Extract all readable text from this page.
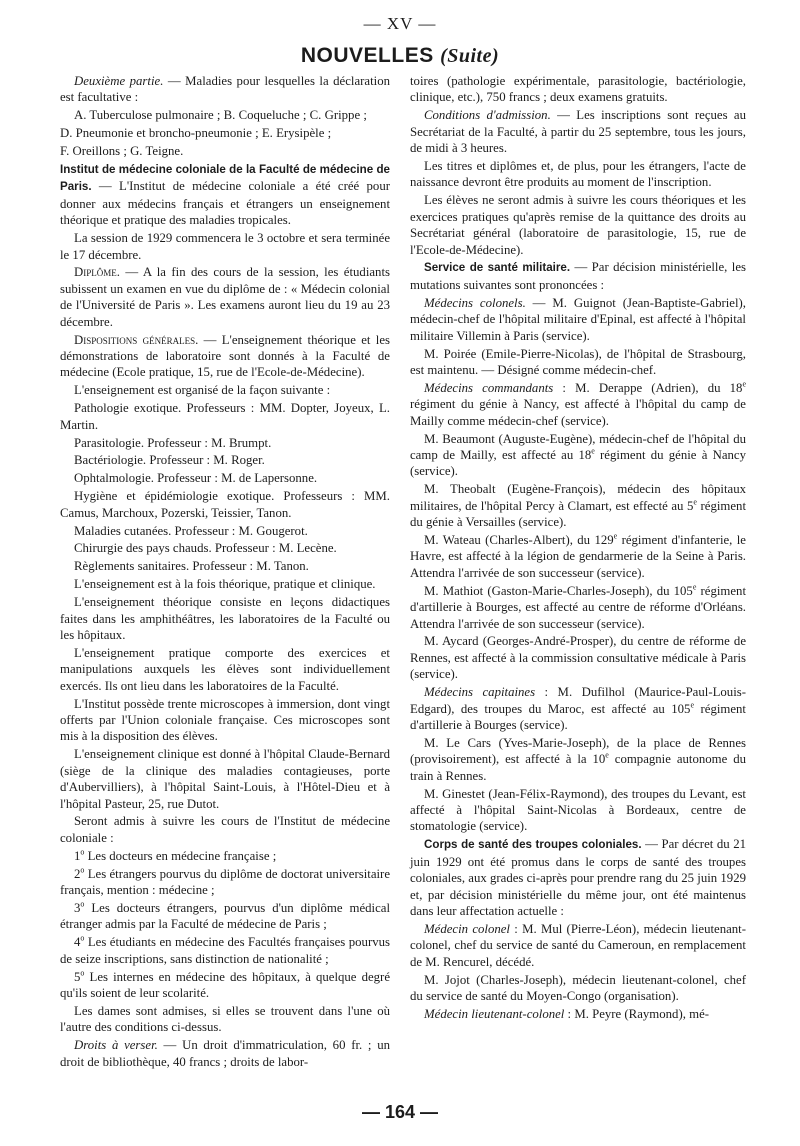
— XV —
NOUVELLES (Suite)

Deuxième partie. — Maladies pour lesquelles la déclaration est facultative :

A. Tuberculose pulmonaire ; B. Coqueluche ; C. Grippe ;

D. Pneumonie et broncho-pneumonie ; E. Erysipèle ;

F. Oreillons ; G. Teigne.

Institut de médecine coloniale de la Faculté de médecine de Paris. — L'Institut de médecine coloniale a été créé pour donner aux médecins français et étrangers un enseignement théorique et pratique des maladies tropicales.

La session de 1929 commencera le 3 octobre et sera terminée le 17 décembre.

Diplôme. — A la fin des cours de la session, les étudiants subissent un examen en vue du diplôme de : « Médecin colonial de l'Université de Paris ». Les examens auront lieu du 19 au 23 décembre.

Dispositions générales. — L'enseignement théorique et les démonstrations de laboratoire sont donnés à la Faculté de médecine (Ecole pratique, 15, rue de l'Ecole-de-Médecine).

L'enseignement est organisé de la façon suivante :

Pathologie exotique. Professeurs : MM. Dopter, Joyeux, L. Martin.

Parasitologie. Professeur : M. Brumpt.

Bactériologie. Professeur : M. Roger.

Ophtalmologie. Professeur : M. de Lapersonne.

Hygiène et épidémiologie exotique. Professeurs : MM. Camus, Marchoux, Pozerski, Teissier, Tanon.

Maladies cutanées. Professeur : M. Gougerot.

Chirurgie des pays chauds. Professeur : M. Lecène.

Règlements sanitaires. Professeur : M. Tanon.

L'enseignement est à la fois théorique, pratique et clinique.

L'enseignement théorique consiste en leçons didactiques faites dans les amphithéâtres, les laboratoires de la Faculté ou les hôpitaux.

L'enseignement pratique comporte des exercices et manipulations auxquels les élèves sont individuellement exercés. Ils ont lieu dans les laboratoires de la Faculté.

L'Institut possède trente microscopes à immersion, dont vingt offerts par l'Union coloniale française. Ces microscopes sont mis à la disposition des élèves.

L'enseignement clinique est donné à l'hôpital Claude-Bernard (siège de la clinique des maladies contagieuses, porte d'Aubervilliers), à l'hôpital Saint-Louis, à l'Hôtel-Dieu et à l'hôpital Pasteur, 25, rue Dutot.

Seront admis à suivre les cours de l'Institut de médecine coloniale :

1$^o$ Les docteurs en médecine française ;

2$^o$ Les étrangers pourvus du diplôme de doctorat universitaire français, mention : médecine ;

3$^o$ Les docteurs étrangers, pourvus d'un diplôme médical étranger admis par la Faculté de médecine de Paris ;

4$^o$ Les étudiants en médecine des Facultés françaises pourvus de seize inscriptions, sans distinction de nationalité ;

5$^o$ Les internes en médecine des hôpitaux, à quelque degré qu'ils soient de leur scolarité.

Les dames sont admises, si elles se trouvent dans l'une où l'autre des conditions ci-dessus.

Droits à verser. — Un droit d'immatriculation, 60 fr. ; un droit de bibliothèque, 40 francs ; droits de labor-

toires (pathologie expérimentale, parasitologie, bactériologie, clinique, etc.), 750 francs ; deux examens gratuits.

Conditions d'admission. — Les inscriptions sont reçues au Secrétariat de la Faculté, à partir du 25 septembre, tous les jours, de midi à 3 heures.

Les titres et diplômes et, de plus, pour les étrangers, l'acte de naissance devront être produits au moment de l'inscription.

Les élèves ne seront admis à suivre les cours théoriques et les exercices pratiques qu'après remise de la quittance des droits au Secrétariat général (laboratoire de parasitologie, 15, rue de l'Ecole-de-Médecine).

Service de santé militaire. — Par décision ministérielle, les mutations suivantes sont prononcées :

Médecins colonels. — M. Guignot (Jean-Baptiste-Gabriel), médecin-chef de l'hôpital militaire d'Epinal, est affecté à l'hôpital militaire Villemin à Paris (service).

M. Poirée (Emile-Pierre-Nicolas), de l'hôpital de Strasbourg, est maintenu. — Désigné comme médecin-chef.

Médecins commandants : M. Derappe (Adrien), du 18e régiment du génie à Nancy, est affecté à l'hôpital du camp de Mailly comme médecin-chef (service).

M. Beaumont (Auguste-Eugène), médecin-chef de l'hôpital du camp de Mailly, est affecté au 18e régiment du génie à Nancy (service).

M. Theobalt (Eugène-François), médecin des hôpitaux militaires, de l'hôpital Percy à Clamart, est effecté au 5e régiment du génie à Versailles (service).

M. Wateau (Charles-Albert), du 129e régiment d'infanterie, le Havre, est affecté à la légion de gendarmerie de la Seine à Paris. Attendra l'arrivée de son successeur (service).

M. Mathiot (Gaston-Marie-Charles-Joseph), du 105e régiment d'artillerie à Bourges, est affecté au centre de réforme d'Orléans. Attendra l'arrivée de son successeur (service).

M. Aycard (Georges-André-Prosper), du centre de réforme de Rennes, est affecté à la commission consultative médicale à Paris (service).

Médecins capitaines : M. Dufilhol (Maurice-Paul-Louis-Edgard), des troupes du Maroc, est affecté au 105e régiment d'artillerie à Bourges (service).

M. Le Cars (Yves-Marie-Joseph), de la place de Rennes (provisoirement), est affecté à la 10e compagnie autonome du train à Rennes.

M. Ginestet (Jean-Félix-Raymond), des troupes du Levant, est affecté à l'hôpital Saint-Nicolas à Bordeaux, centre de stomatologie (service).

Corps de santé des troupes coloniales. — Par décret du 21 juin 1929 ont été promus dans le corps de santé des troupes coloniales, aux grades ci-après pour prendre rang du 25 juin 1929 et, par décision ministérielle du même jour, ont été maintenus dans leur affectation actuelle :

Médecin colonel : M. Mul (Pierre-Léon), médecin lieutenant-colonel, chef du service de santé du Cameroun, en remplacement de M. Rencurel, décédé.

M. Jojot (Charles-Joseph), médecin lieutenant-colonel, chef du service de santé du Moyen-Congo (organisation).

Médecin lieutenant-colonel : M. Peyre (Raymond), mé-

— 164 —
